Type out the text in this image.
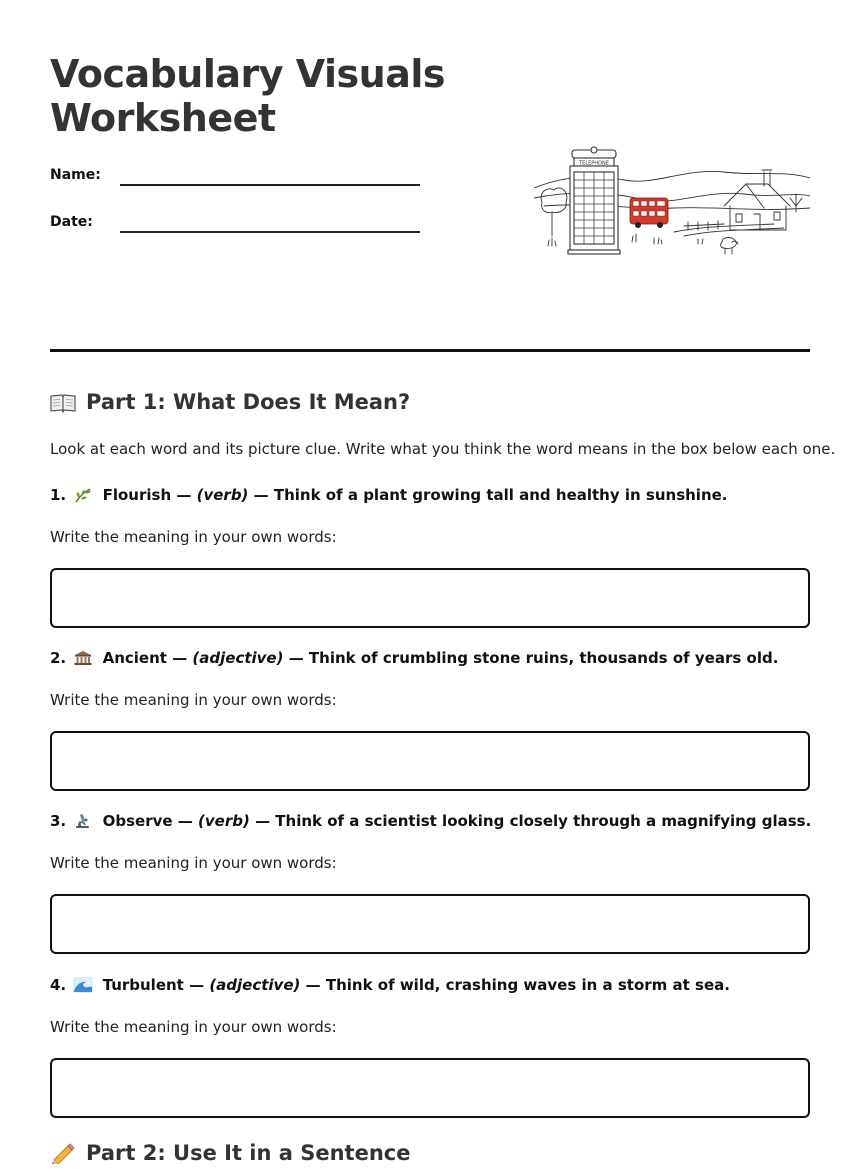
Vocabulary Visuals Worksheet
Name:
Date:
TELEPHONE
Part 1: What Does It Mean?
Look at each word and its picture clue. Write what you think the word means in the box below each one.
1. Flourish — (verb) — Think of a plant growing tall and healthy in sunshine.
Write the meaning in your own words:
2. Ancient — (adjective) — Think of crumbling stone ruins, thousands of years old.
Write the meaning in your own words:
3. Observe — (verb) — Think of a scientist looking closely through a magnifying glass.
Write the meaning in your own words:
4. Turbulent — (adjective) — Think of wild, crashing waves in a storm at sea.
Write the meaning in your own words:
Part 2: Use It in a Sentence
